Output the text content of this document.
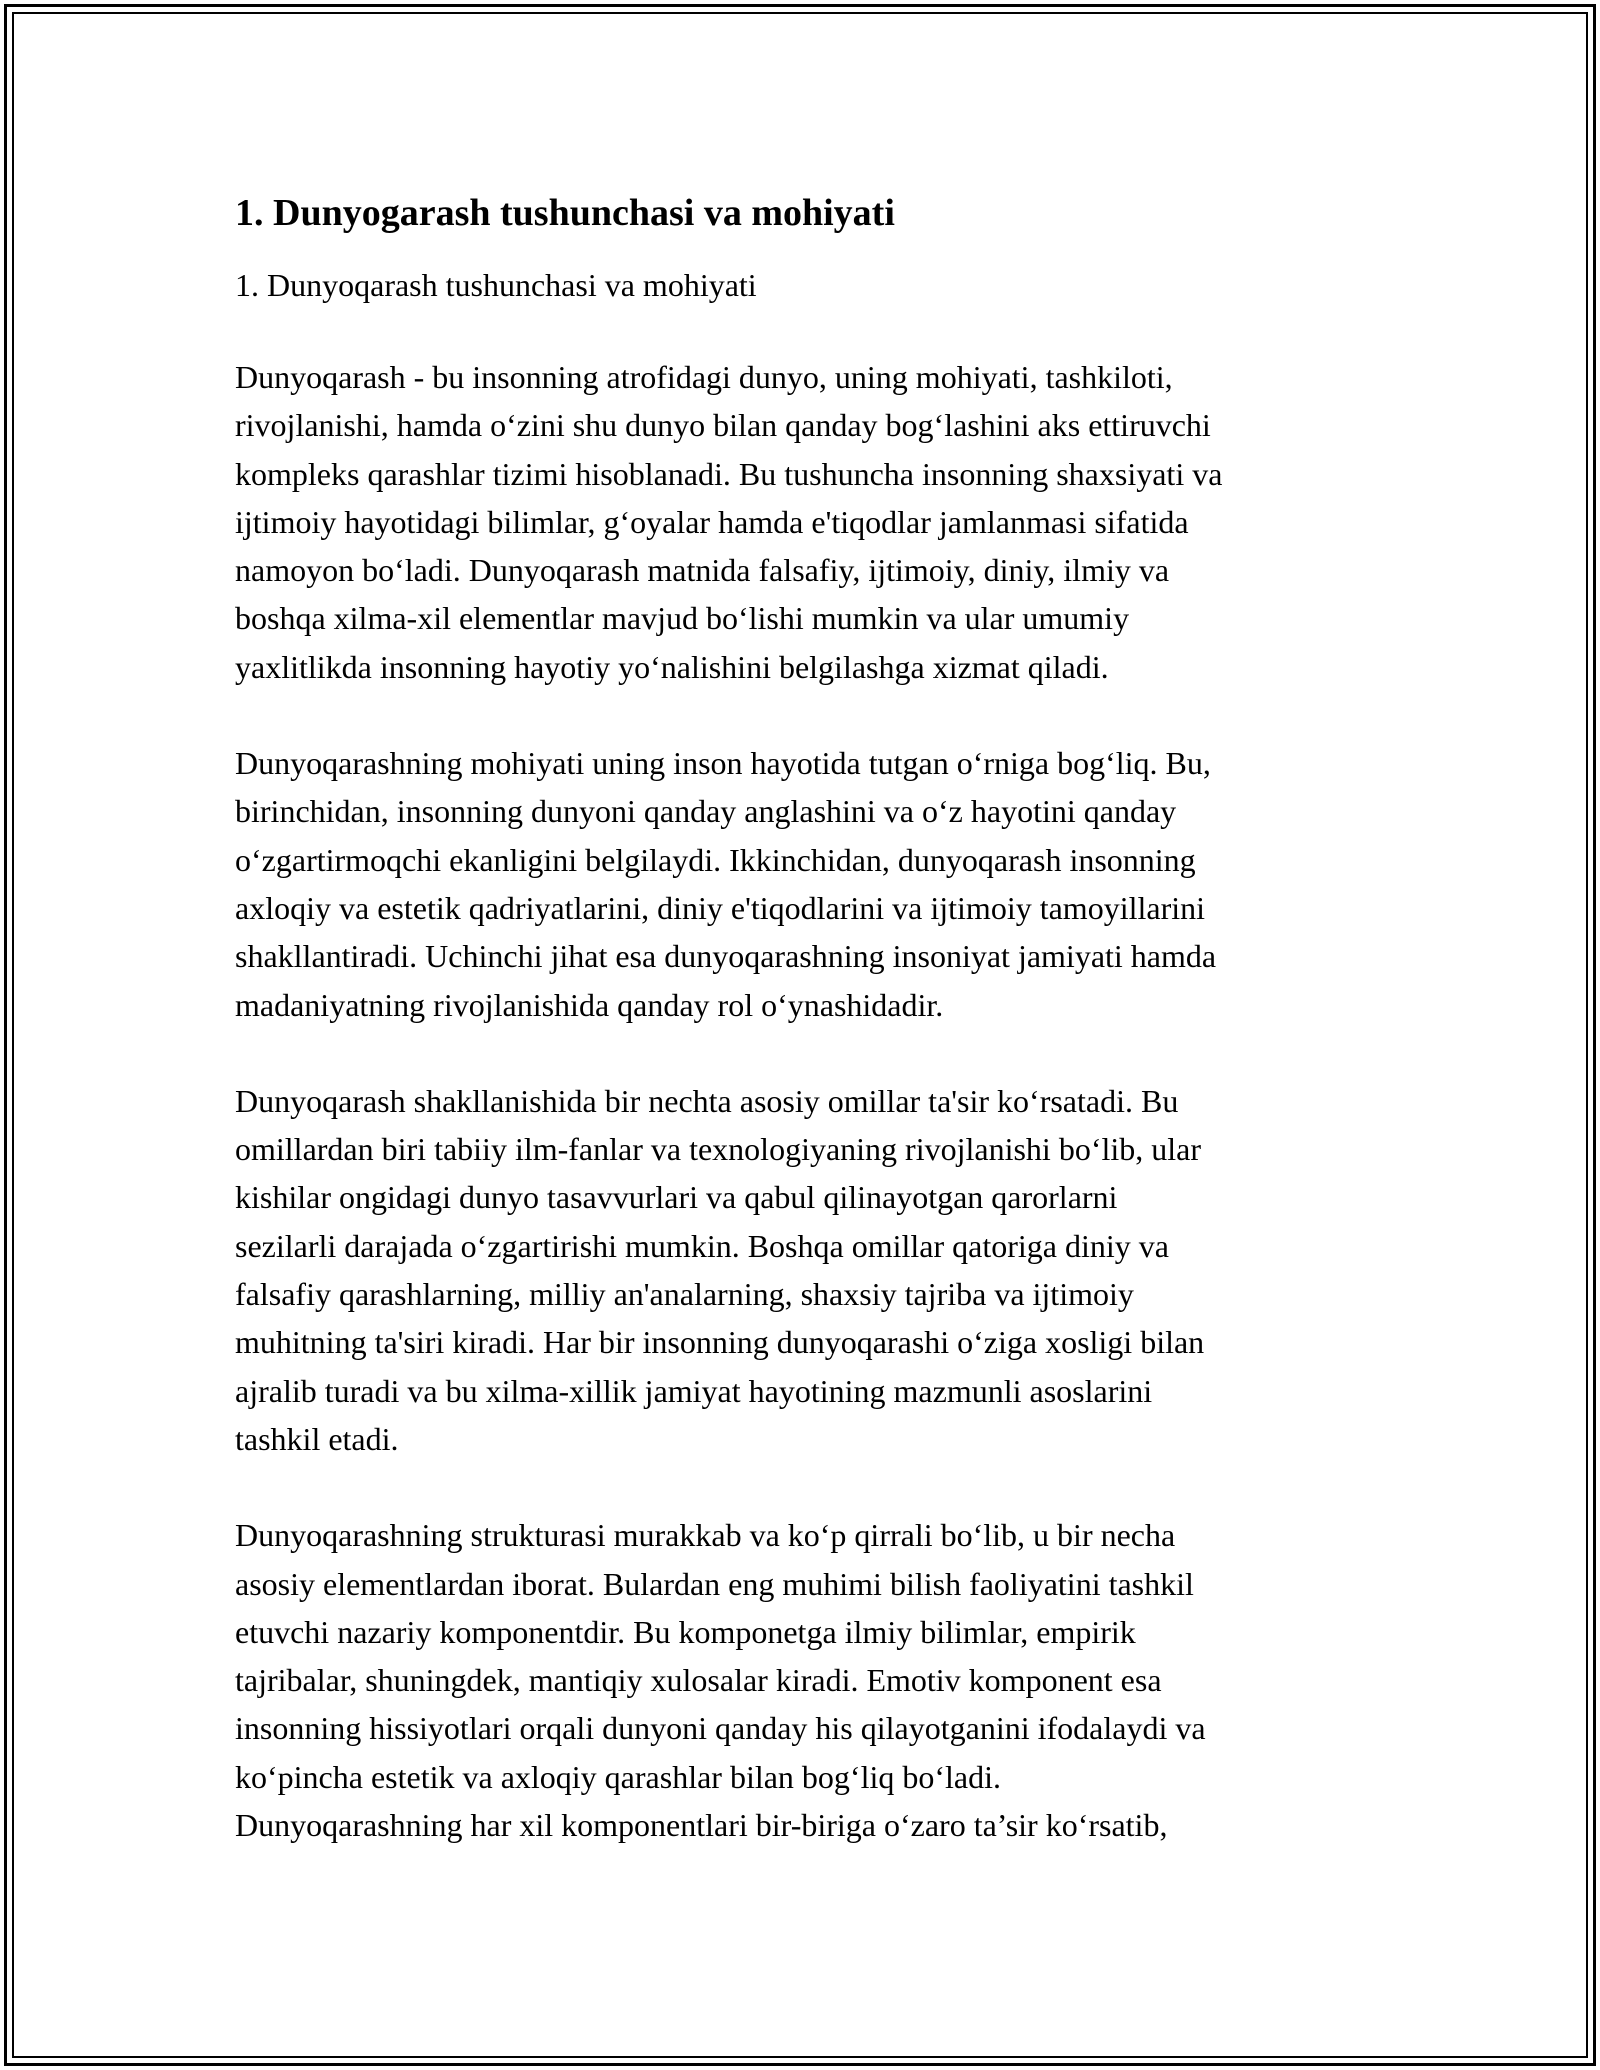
1. Dunyogarash tushunchasi va mohiyati

1. Dunyoqarash tushunchasi va mohiyati

Dunyoqarash - bu insonning atrofidagi dunyo, uning mohiyati, tashkiloti,
rivojlanishi, hamda oʻzini shu dunyo bilan qanday bogʻlashini aks ettiruvchi
kompleks qarashlar tizimi hisoblanadi. Bu tushuncha insonning shaxsiyati va
ijtimoiy hayotidagi bilimlar, gʻoyalar hamda e'tiqodlar jamlanmasi sifatida
namoyon boʻladi. Dunyoqarash matnida falsafiy, ijtimoiy, diniy, ilmiy va
boshqa xilma-xil elementlar mavjud boʻlishi mumkin va ular umumiy
yaxlitlikda insonning hayotiy yoʻnalishini belgilashga xizmat qiladi.

Dunyoqarashning mohiyati uning inson hayotida tutgan oʻrniga bogʻliq. Bu,
birinchidan, insonning dunyoni qanday anglashini va oʻz hayotini qanday
oʻzgartirmoqchi ekanligini belgilaydi. Ikkinchidan, dunyoqarash insonning
axloqiy va estetik qadriyatlarini, diniy e'tiqodlarini va ijtimoiy tamoyillarini
shakllantiradi. Uchinchi jihat esa dunyoqarashning insoniyat jamiyati hamda
madaniyatning rivojlanishida qanday rol oʻynashidadir.

Dunyoqarash shakllanishida bir nechta asosiy omillar ta'sir koʻrsatadi. Bu
omillardan biri tabiiy ilm-fanlar va texnologiyaning rivojlanishi boʻlib, ular
kishilar ongidagi dunyo tasavvurlari va qabul qilinayotgan qarorlarni
sezilarli darajada oʻzgartirishi mumkin. Boshqa omillar qatoriga diniy va
falsafiy qarashlarning, milliy an'analarning, shaxsiy tajriba va ijtimoiy
muhitning ta'siri kiradi. Har bir insonning dunyoqarashi oʻziga xosligi bilan
ajralib turadi va bu xilma-xillik jamiyat hayotining mazmunli asoslarini
tashkil etadi.

Dunyoqarashning strukturasi murakkab va koʻp qirrali boʻlib, u bir necha
asosiy elementlardan iborat. Bulardan eng muhimi bilish faoliyatini tashkil
etuvchi nazariy komponentdir. Bu komponetga ilmiy bilimlar, empirik
tajribalar, shuningdek, mantiqiy xulosalar kiradi. Emotiv komponent esa
insonning hissiyotlari orqali dunyoni qanday his qilayotganini ifodalaydi va
koʻpincha estetik va axloqiy qarashlar bilan bogʻliq boʻladi.
Dunyoqarashning har xil komponentlari bir-biriga oʻzaro ta’sir koʻrsatib,
